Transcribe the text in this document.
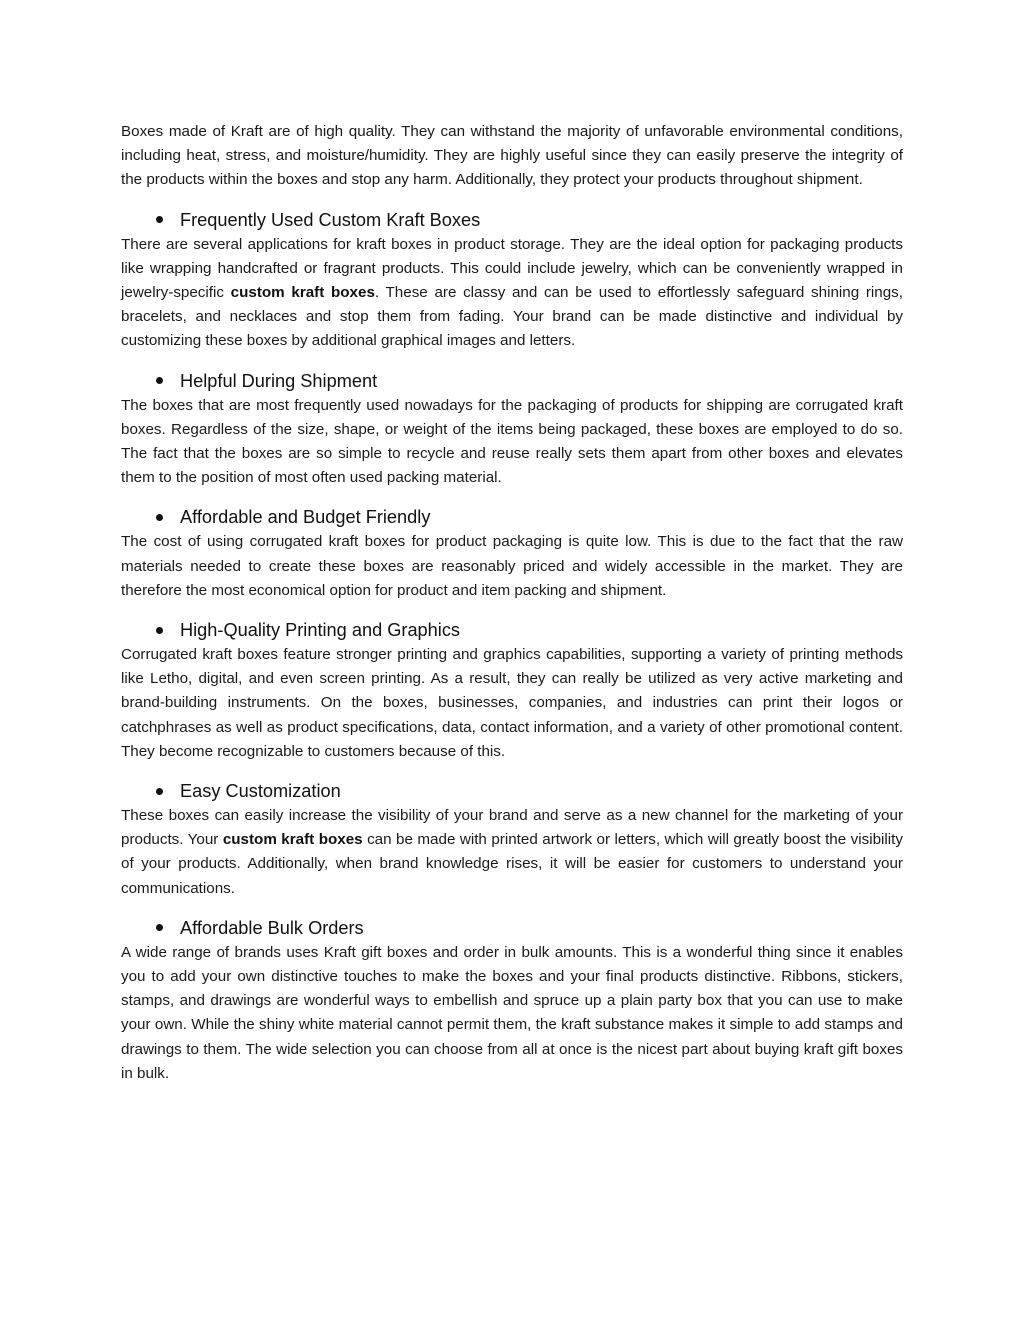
Boxes made of Kraft are of high quality. They can withstand the majority of unfavorable environmental conditions, including heat, stress, and moisture/humidity. They are highly useful since they can easily preserve the integrity of the products within the boxes and stop any harm. Additionally, they protect your products throughout shipment.

Frequently Used Custom Kraft Boxes

There are several applications for kraft boxes in product storage. They are the ideal option for packaging products like wrapping handcrafted or fragrant products. This could include jewelry, which can be conveniently wrapped in jewelry-specific custom kraft boxes. These are classy and can be used to effortlessly safeguard shining rings, bracelets, and necklaces and stop them from fading. Your brand can be made distinctive and individual by customizing these boxes by additional graphical images and letters.

Helpful During Shipment

The boxes that are most frequently used nowadays for the packaging of products for shipping are corrugated kraft boxes. Regardless of the size, shape, or weight of the items being packaged, these boxes are employed to do so. The fact that the boxes are so simple to recycle and reuse really sets them apart from other boxes and elevates them to the position of most often used packing material.

Affordable and Budget Friendly

The cost of using corrugated kraft boxes for product packaging is quite low. This is due to the fact that the raw materials needed to create these boxes are reasonably priced and widely accessible in the market. They are therefore the most economical option for product and item packing and shipment.

High-Quality Printing and Graphics

Corrugated kraft boxes feature stronger printing and graphics capabilities, supporting a variety of printing methods like Letho, digital, and even screen printing. As a result, they can really be utilized as very active marketing and brand-building instruments. On the boxes, businesses, companies, and industries can print their logos or catchphrases as well as product specifications, data, contact information, and a variety of other promotional content. They become recognizable to customers because of this.

Easy Customization

These boxes can easily increase the visibility of your brand and serve as a new channel for the marketing of your products. Your custom kraft boxes can be made with printed artwork or letters, which will greatly boost the visibility of your products. Additionally, when brand knowledge rises, it will be easier for customers to understand your communications.

Affordable Bulk Orders

A wide range of brands uses Kraft gift boxes and order in bulk amounts. This is a wonderful thing since it enables you to add your own distinctive touches to make the boxes and your final products distinctive. Ribbons, stickers, stamps, and drawings are wonderful ways to embellish and spruce up a plain party box that you can use to make your own. While the shiny white material cannot permit them, the kraft substance makes it simple to add stamps and drawings to them. The wide selection you can choose from all at once is the nicest part about buying kraft gift boxes in bulk.
